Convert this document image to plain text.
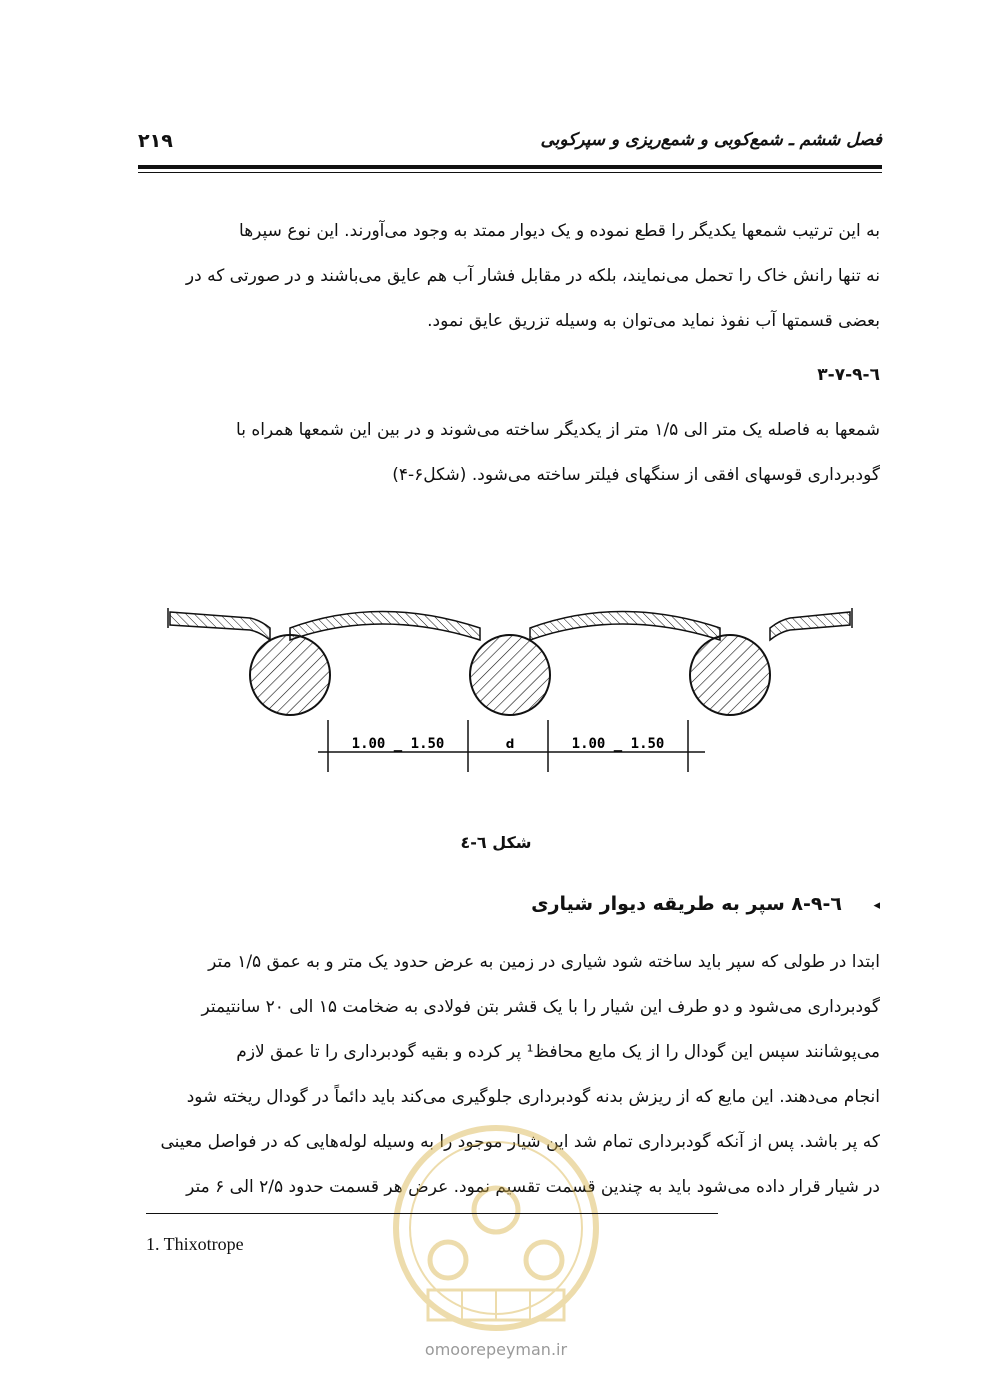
۲۱۹	فصل ششم ـ شمع‌کوبی و شمع‌ریزی و سپرکوبی
به این ترتیب شمعها یکدیگر را قطع نموده و یک دیوار ممتد به وجود می‌آورند. این نوع سپرها
نه تنها رانش خاک را تحمل می‌نمایند، بلکه در مقابل فشار آب هم عایق می‌باشند و در صورتی که در
بعضی قسمتها آب نفوذ نماید می‌توان به وسیله تزریق عایق نمود.
٦-٩-٧-٣
شمعها به فاصله یک متر الی ۱/۵ متر از یکدیگر ساخته می‌شوند و در بین این شمعها همراه با
گودبرداری قوسهای افقی از سنگهای فیلتر ساخته می‌شود. (شکل۶-۴)
1.00 _ 1.50	d	1.00 _ 1.50
شکل ٦-٤
◂
٦-٩-٨ سپر به طریقه دیوار شیاری
ابتدا در طولی که سپر باید ساخته شود شیاری در زمین به عرض حدود یک متر و به عمق ۱/۵ متر
گودبرداری می‌شود و دو طرف این شیار را با یک قشر بتن فولادی به ضخامت ۱۵ الی ۲۰ سانتیمتر
می‌پوشانند سپس این گودال را از یک مایع محافظ¹ پر کرده و بقیه گودبرداری را تا عمق لازم
انجام می‌دهند. این مایع که از ریزش بدنه گودبرداری جلوگیری می‌کند باید دائماً در گودال ریخته شود
که پر باشد. پس از آنکه گودبرداری تمام شد این شیار موجود را به وسیله لوله‌هایی که در فواصل معینی
در شیار قرار داده می‌شود باید به چندین قسمت تقسیم نمود. عرض هر قسمت حدود ۲/۵ الی ۶ متر
omoorepeyman.ir
1. Thixotrope
